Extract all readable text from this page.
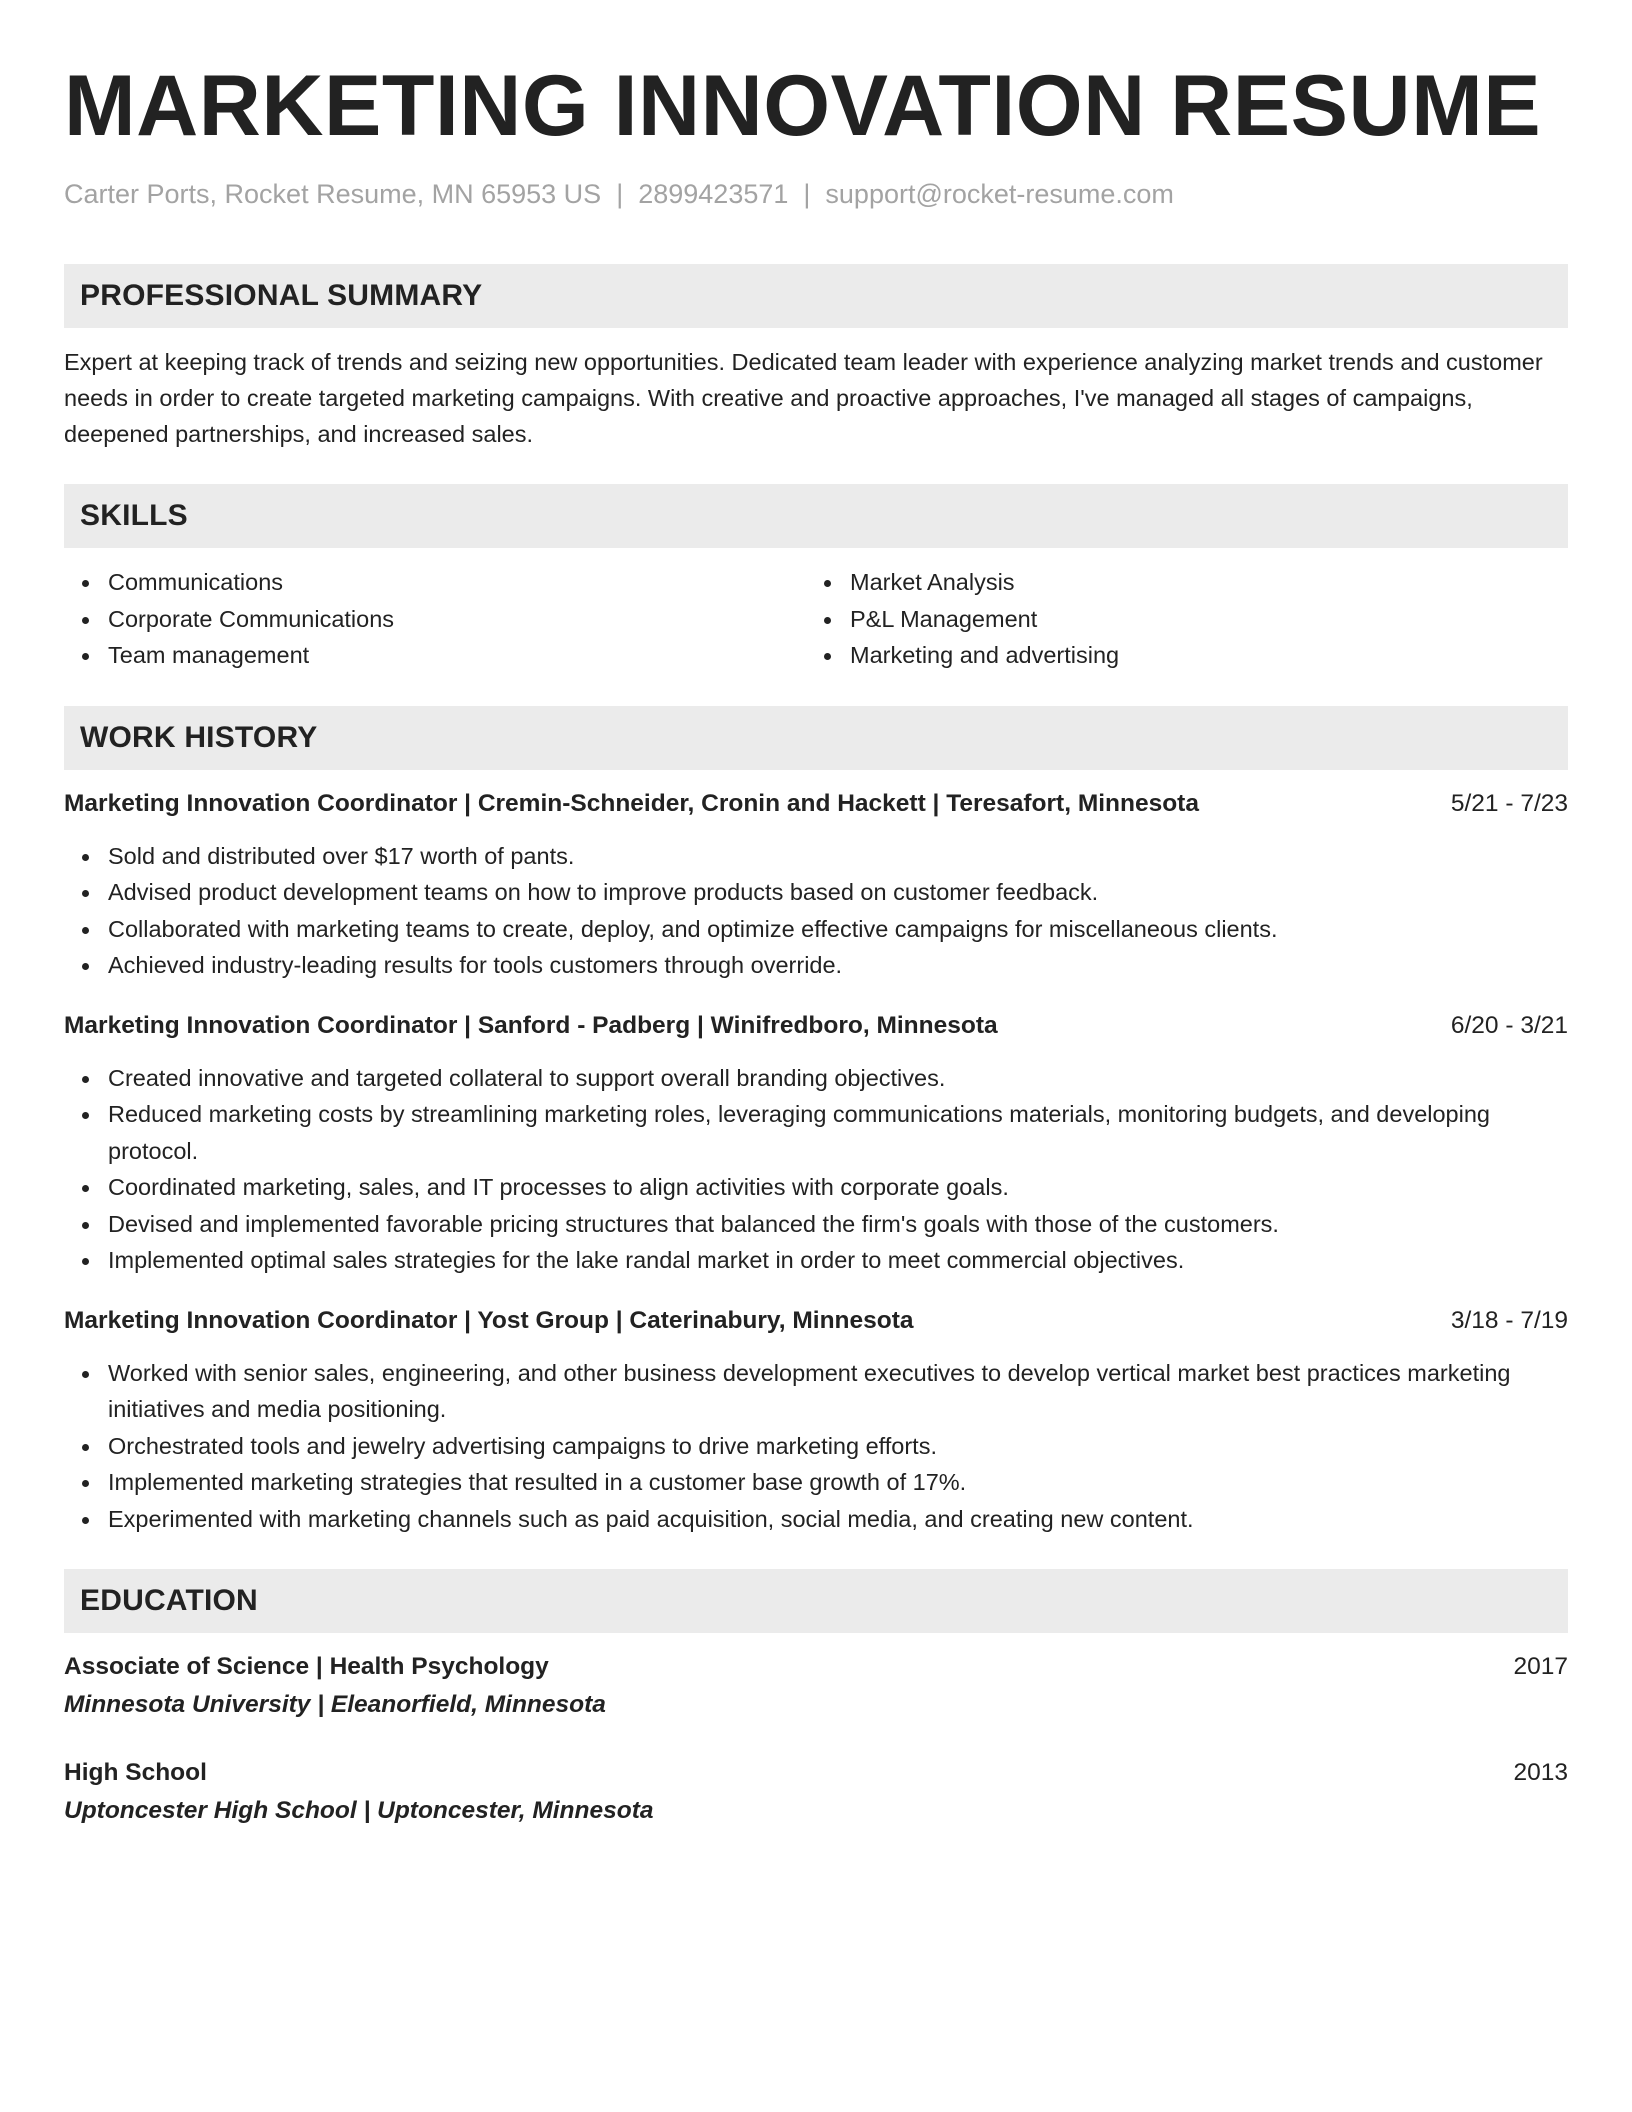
MARKETING INNOVATION RESUME
Carter Ports, Rocket Resume, MN 65953 US | 2899423571 | support@rocket-resume.com
PROFESSIONAL SUMMARY

Expert at keeping track of trends and seizing new opportunities. Dedicated team leader with experience analyzing market trends and customer needs in order to create targeted marketing campaigns. With creative and proactive approaches, I've managed all stages of campaigns, deepened partnerships, and increased sales.

SKILLS
Communications
Corporate Communications
Team management
Market Analysis
P&L Management
Marketing and advertising
WORK HISTORY
Marketing Innovation Coordinator | Cremin-Schneider, Cronin and Hackett | Teresafort, Minnesota	5/21 - 7/23
Sold and distributed over $17 worth of pants.
Advised product development teams on how to improve products based on customer feedback.
Collaborated with marketing teams to create, deploy, and optimize effective campaigns for miscellaneous clients.
Achieved industry-leading results for tools customers through override.
Marketing Innovation Coordinator | Sanford - Padberg | Winifredboro, Minnesota	6/20 - 3/21
Created innovative and targeted collateral to support overall branding objectives.
Reduced marketing costs by streamlining marketing roles, leveraging communications materials, monitoring budgets, and developing protocol.
Coordinated marketing, sales, and IT processes to align activities with corporate goals.
Devised and implemented favorable pricing structures that balanced the firm's goals with those of the customers.
Implemented optimal sales strategies for the lake randal market in order to meet commercial objectives.
Marketing Innovation Coordinator | Yost Group | Caterinabury, Minnesota	3/18 - 7/19
Worked with senior sales, engineering, and other business development executives to develop vertical market best practices marketing initiatives and media positioning.
Orchestrated tools and jewelry advertising campaigns to drive marketing efforts.
Implemented marketing strategies that resulted in a customer base growth of 17%.
Experimented with marketing channels such as paid acquisition, social media, and creating new content.
EDUCATION
Associate of Science | Health Psychology	2017
Minnesota University | Eleanorfield, Minnesota
High School	2013
Uptoncester High School | Uptoncester, Minnesota
